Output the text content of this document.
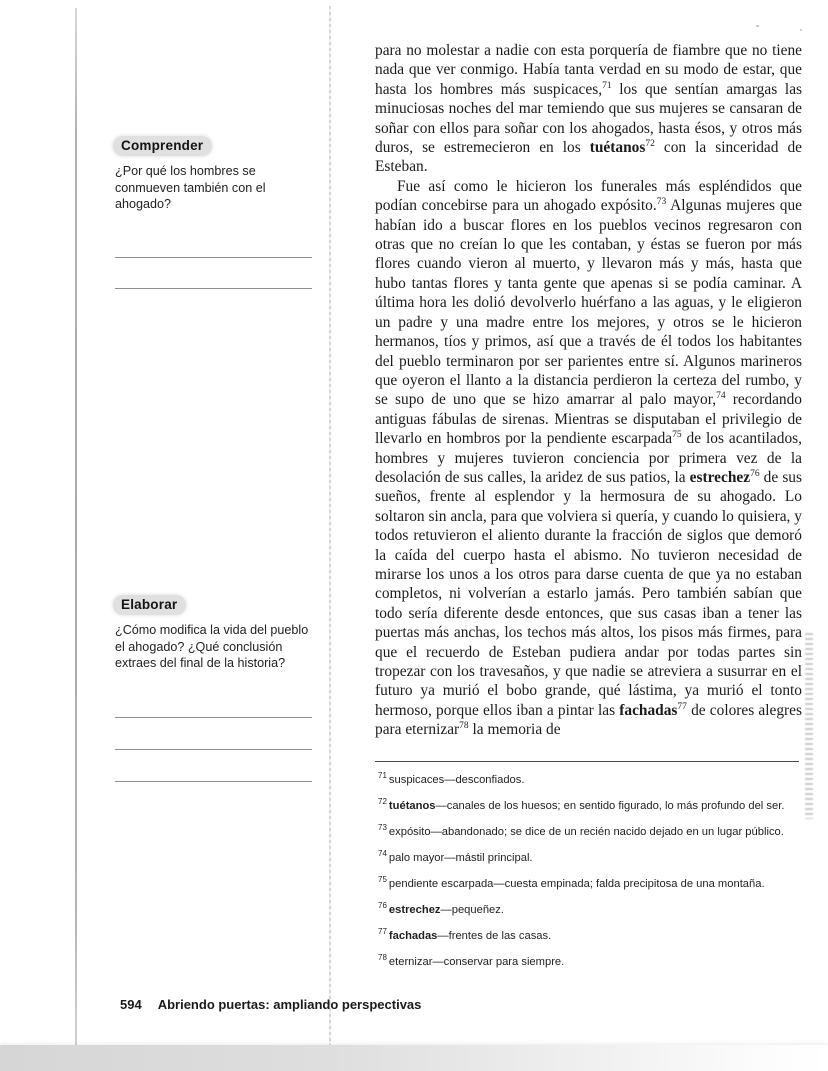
Comprender

¿Por qué los hombres se conmueven también con el ahogado?

Elaborar

¿Cómo modifica la vida del pueblo el ahogado? ¿Qué conclusión extraes del final de la historia?

para no molestar a nadie con esta porquería de fiambre que no tiene nada que ver conmigo. Había tanta verdad en su modo de estar, que hasta los hombres más suspicaces,$^{71}$ los que sentían amargas las minuciosas noches del mar temiendo que sus mujeres se cansaran de soñar con ellos para soñar con los ahogados, hasta ésos, y otros más duros, se estremecieron en los tuétanos$^{72}$ con la sinceridad de Esteban.

Fue así como le hicieron los funerales más espléndidos que podían concebirse para un ahogado expósito.$^{73}$ Algunas mujeres que habían ido a buscar flores en los pueblos vecinos regresaron con otras que no creían lo que les contaban, y éstas se fueron por más flores cuando vieron al muerto, y llevaron más y más, hasta que hubo tantas flores y tanta gente que apenas si se podía caminar. A última hora les dolió devolverlo huérfano a las aguas, y le eligieron un padre y una madre entre los mejores, y otros se le hicieron hermanos, tíos y primos, así que a través de él todos los habitantes del pueblo terminaron por ser parientes entre sí. Algunos marineros que oyeron el llanto a la distancia perdieron la certeza del rumbo, y se supo de uno que se hizo amarrar al palo mayor,$^{74}$ recordando antiguas fábulas de sirenas. Mientras se disputaban el privilegio de llevarlo en hombros por la pendiente escarpada$^{75}$ de los acantilados, hombres y mujeres tuvieron conciencia por primera vez de la desolación de sus calles, la aridez de sus patios, la estrechez$^{76}$ de sus sueños, frente al esplendor y la hermosura de su ahogado. Lo soltaron sin ancla, para que volviera si quería, y cuando lo quisiera, y todos retuvieron el aliento durante la fracción de siglos que demoró la caída del cuerpo hasta el abismo. No tuvieron necesidad de mirarse los unos a los otros para darse cuenta de que ya no estaban completos, ni volverían a estarlo jamás. Pero también sabían que todo sería diferente desde entonces, que sus casas iban a tener las puertas más anchas, los techos más altos, los pisos más firmes, para que el recuerdo de Esteban pudiera andar por todas partes sin tropezar con los travesaños, y que nadie se atreviera a susurrar en el futuro ya murió el bobo grande, qué lástima, ya murió el tonto hermoso, porque ellos iban a pintar las fachadas$^{77}$ de colores alegres para eternizar$^{78}$ la memoria de

$^{71}$ suspicaces—desconfiados.
$^{72}$ tuétanos—canales de los huesos; en sentido figurado, lo más profundo del ser.
$^{73}$ expósito—abandonado; se dice de un recién nacido dejado en un lugar público.
$^{74}$ palo mayor—mástil principal.
$^{75}$ pendiente escarpada—cuesta empinada; falda precipitosa de una montaña.
$^{76}$ estrechez—pequeñez.
$^{77}$ fachadas—frentes de las casas.
$^{78}$ eternizar—conservar para siempre.
594 Abriendo puertas: ampliando perspectivas
